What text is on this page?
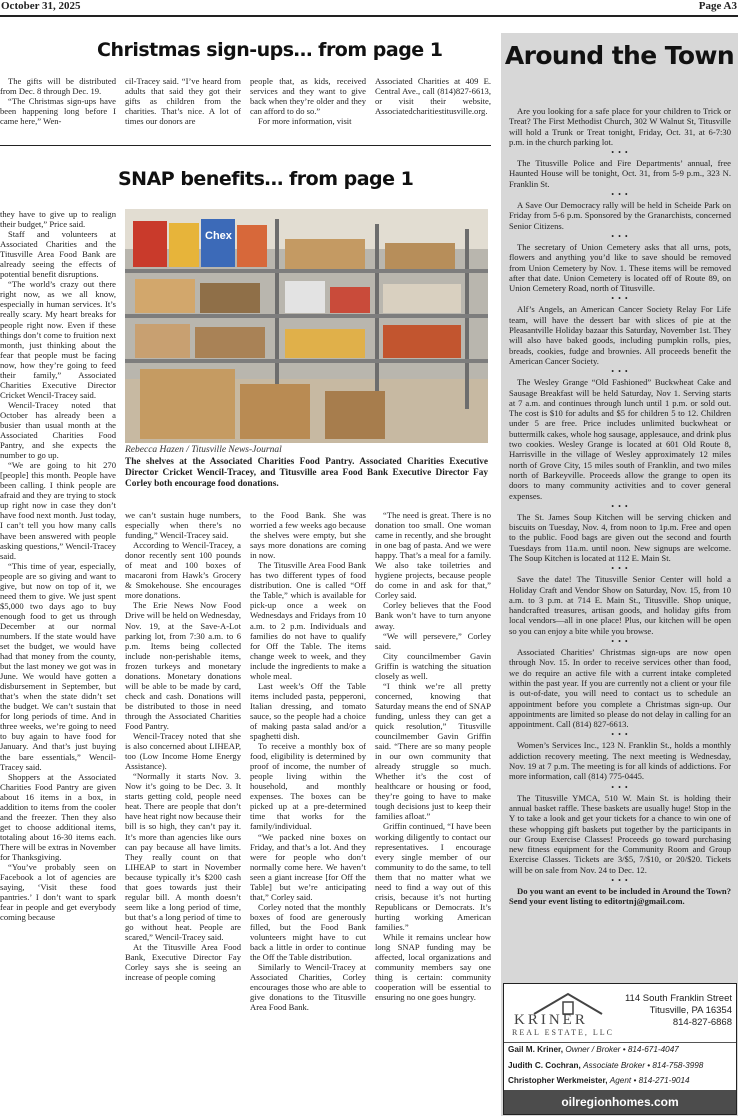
October 31, 2025	Page A3
Christmas sign-ups… from page 1

The gifts will be distributed from Dec. 8 through Dec. 19.

“The Christmas sign-ups have been happening long before I came here,” Wen-

cil-Tracey said. “I’ve heard from adults that said they got their gifts as children from the charities. That’s nice. A lot of times our donors are

people that, as kids, received services and they want to give back when they’re older and they can afford to do so.”

For more information, visit

Associated Charities at 409 E. Central Ave., call (814)827-6613, or visit their website, Associatedcharitiestitusville.org.

SNAP benefits… from page 1

they have to give up to realign their budget,” Price said.

Staff and volunteers at Associated Charities and the Titusville Area Food Bank are already seeing the effects of potential benefit disruptions.

“The world’s crazy out there right now, as we all know, especially in human services. It’s really scary. My heart breaks for people right now. Even if these things don’t come to fruition next month, just thinking about the fear that people must be facing now, how they’re going to feed their family,” Associated Charities Executive Director Cricket Wencil-Tracey said.

Wencil-Tracey noted that October has already been a busier than usual month at the Associated Charities Food Pantry, and she expects the number to go up.

“We are going to hit 270 [people] this month. People have been calling. I think people are afraid and they are trying to stock up right now in case they don’t have food next month. Just today, I can’t tell you how many calls have been answered with people asking questions,” Wencil-Tracey said.

“This time of year, especially, people are so giving and want to give, but now on top of it, we need them to give. We just spent $5,000 two days ago to buy enough food to get us through December at our normal numbers. If the state would have set the budget, we would have had that money from the county, but the last money we got was in June. We would have gotten a disbursement in September, but that’s when the state didn’t set the budget. We can’t sustain that for long periods of time. And in three weeks, we’re going to need to buy again to have food for January. And that’s just buying the bare essentials,” Wencil-Tracey said.

Shoppers at the Associated Charities Food Pantry are given about 16 items in a box, in addition to items from the cooler and the freezer. Then they also get to choose additional items, totaling about 16-30 items each. There will be extras in November for Thanksgiving.

“You’ve probably seen on Facebook a lot of agencies are saying, ‘Visit these food pantries.’ I don’t want to spark fear in people and get everybody coming because

Chex
Rebecca Hazen / Titusville News-Journal
The shelves at the Associated Charities Food Pantry. Associated Charities Executive Director Cricket Wencil-Tracey, and Titusville area Food Bank Executive Director Fay Corley both encourage food donations.

we can’t sustain huge numbers, especially when there’s no funding,” Wencil-Tracey said.

According to Wencil-Tracey, a donor recently sent 100 pounds of meat and 100 boxes of macaroni from Hawk’s Grocery & Smokehouse. She encourages more donations.

The Erie News Now Food Drive will be held on Wednesday, Nov. 19, at the Save-A-Lot parking lot, from 7:30 a.m. to 6 p.m. Items being collected include non-perishable items, frozen turkeys and monetary donations. Monetary donations will be able to be made by card, check and cash. Donations will be distributed to those in need through the Associated Charities Food Pantry.

Wencil-Tracey noted that she is also concerned about LIHEAP, too (Low Income Home Energy Assistance).

“Normally it starts Nov. 3. Now it’s going to be Dec. 3. It starts getting cold, people need heat. There are people that don’t have heat right now because their bill is so high, they can’t pay it. It’s more than agencies like ours can pay because all have limits. They really count on that LIHEAP to start in November because typically it’s $200 cash that goes towards just their regular bill. A month doesn’t seem like a long period of time, but that’s a long period of time to go without heat. People are scared,” Wencil-Tracey said.

At the Titusville Area Food Bank, Executive Director Fay Corley says she is seeing an increase of people coming

to the Food Bank. She was worried a few weeks ago because the shelves were empty, but she says more donations are coming in now.

The Titusville Area Food Bank has two different types of food distribution. One is called “Off the Table,” which is available for pick-up once a week on Wednesdays and Fridays from 10 a.m. to 2 p.m. Individuals and families do not have to qualify for Off the Table. The items change week to week, and they include the ingredients to make a whole meal.

Last week’s Off the Table items included pasta, pepperoni, Italian dressing, and tomato sauce, so the people had a choice of making pasta salad and/or a spaghetti dish.

To receive a monthly box of food, eligibility is determined by proof of income, the number of people living within the household, and monthly expenses. The boxes can be picked up at a pre-determined time that works for the family/individual.

“We packed nine boxes on Friday, and that’s a lot. And they were for people who don’t normally come here. We haven’t seen a giant increase [for Off the Table] but we’re anticipating that,” Corley said.

Corley noted that the monthly boxes of food are generously filled, but the Food Bank volunteers might have to cut back a little in order to continue the Off the Table distribution.

Similarly to Wencil-Tracey at Associated Charities, Corley encourages those who are able to give donations to the Titusville Area Food Bank.

“The need is great. There is no donation too small. One woman came in recently, and she brought in one bag of pasta. And we were happy. That’s a meal for a family. We also take toiletries and hygiene projects, because people do come in and ask for that,” Corley said.

Corley believes that the Food Bank won’t have to turn anyone away.

“We will persevere,” Corley said.

City councilmember Gavin Griffin is watching the situation closely as well.

“I think we’re all pretty concerned, knowing that Saturday means the end of SNAP funding, unless they can get a quick resolution,” Titusville councilmember Gavin Griffin said. “There are so many people in our own community that already struggle so much. Whether it’s the cost of healthcare or housing or food, they’re going to have to make tough decisions just to keep their families afloat.”

Griffin continued, “I have been working diligently to contact our representatives. I encourage every single member of our community to do the same, to tell them that no matter what we need to find a way out of this crisis, because it’s not hurting Republicans or Democrats. It’s hurting working American families.”

While it remains unclear how long SNAP funding may be affected, local organizations and community members say one thing is certain: community cooperation will be essential to ensuring no one goes hungry.

Around the Town

Are you looking for a safe place for your children to Trick or Treat? The First Methodist Church, 302 W Walnut St, Titusville will hold a Trunk or Treat tonight, Friday, Oct. 31, at 6-7:30 p.m. in the church parking lot.

• • •

The Titusville Police and Fire Departments’ annual, free Haunted House will be tonight, Oct. 31, from 5-9 p.m., 323 N. Franklin St.

• • •

A Save Our Democracy rally will be held in Scheide Park on Friday from 5-6 p.m. Sponsored by the Granarchists, concerned Senior Citizens.

• • •

The secretary of Union Cemetery asks that all urns, pots, flowers and anything you’d like to save should be removed from Union Cemetery by Nov. 1. These items will be removed after that date. Union Cemetery is located off of Route 89, on Union Cemetery Road, north of Titusville.

• • •

Alf’s Angels, an American Cancer Society Relay For Life team, will have the dessert bar with slices of pie at the Pleasantville Holiday bazaar this Saturday, November 1st. They will also have baked goods, including pumpkin rolls, pies, breads, cookies, fudge and brownies. All proceeds benefit the American Cancer Society.

• • •

The Wesley Grange “Old Fashioned” Buckwheat Cake and Sausage Breakfast will be held Saturday, Nov 1. Serving starts at 7 a.m. and continues through lunch until 1 p.m. or sold out. The cost is $10 for adults and $5 for children 5 to 12. Children under 5 are free. Price includes unlimited buckwheat or buttermilk cakes, whole hog sausage, applesauce, and drink plus two cookies. Wesley Grange is located at 601 Old Route 8, Harrisville in the village of Wesley approximately 12 miles north of Grove City, 15 miles south of Franklin, and two miles north of Barkeyville. Proceeds allow the grange to open its doors to many community activities and to cover general expenses.

• • •

The St. James Soup Kitchen will be serving chicken and biscuits on Tuesday, Nov. 4, from noon to 1p.m. Free and open to the public. Food bags are given out the second and fourth Tuesdays from 11a.m. until noon. New signups are welcome. The Soup Kitchen is located at 112 E. Main St.

• • •

Save the date! The Titusville Senior Center will hold a Holiday Craft and Vendor Show on Saturday, Nov. 15, from 10 a.m. to 3 p.m. at 714 E. Main St., Titusville. Shop unique, handcrafted treasures, artisan goods, and holiday gifts from local vendors—all in one place! Plus, our kitchen will be open so you can enjoy a bite while you browse.

• • •

Associated Charities’ Christmas sign-ups are now open through Nov. 15. In order to receive services other than food, we do require an active file with a current intake completed within the past year. If you are currently not a client or your file is out-of-date, you will need to contact us to schedule an appointment before you complete a Christmas sign-up. Our appointments are limited so please do not delay in calling for an appointment. Call (814) 827-6613.

• • •

Women’s Services Inc., 123 N. Franklin St., holds a monthly addiction recovery meeting. The next meeting is Wednesday, Nov. 19 at 7 p.m. The meeting is for all kinds of addictions. For more information, call (814) 775-0445.

• • •

The Titusville YMCA, 510 W. Main St. is holding their annual basket raffle. These baskets are usually huge! Stop in the Y to take a look and get your tickets for a chance to win one of these whopping gift baskets put together by the participants in our Group Exercise Classes! Proceeds go toward purchasing new fitness equipment for the Community Room and Group Exercise Classes. Tickets are 3/$5, 7/$10, or 20/$20. Tickets will be on sale from Nov. 24 to Dec. 12.

• • •

Do you want an event to be included in Around the Town? Send your event listing to editortnj@gmail.com.

KRINER
REAL ESTATE, LLC
114 South Franklin Street
Titusville, PA 16354
814-827-6868
Gail M. Kriner, Owner / Broker • 814-671-4047
Judith C. Cochran, Associate Broker • 814-758-3998
Christopher Werkmeister, Agent • 814-271-9014
oilregionhomes.com
